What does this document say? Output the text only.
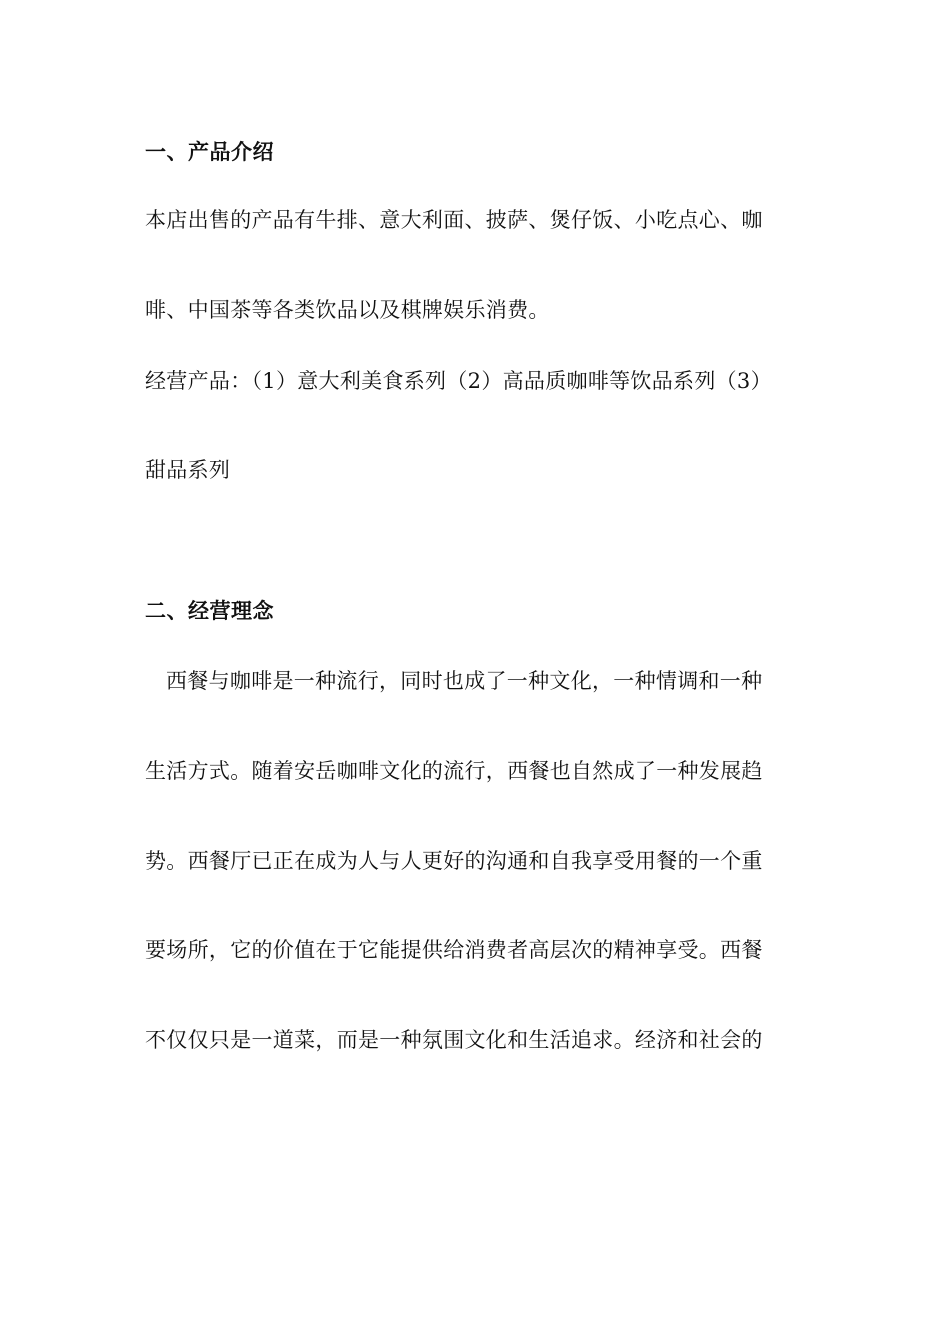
一、产品介绍
本店出售的产品有牛排、意大利面、披萨、煲仔饭、小吃点心、咖
啡、中国茶等各类饮品以及棋牌娱乐消费。
经营产品：（1）意大利美食系列（2）高品质咖啡等饮品系列（3）
甜品系列
二、经营理念
西餐与咖啡是一种流行，同时也成了一种文化，一种情调和一种
生活方式。随着安岳咖啡文化的流行，西餐也自然成了一种发展趋
势。西餐厅已正在成为人与人更好的沟通和自我享受用餐的一个重
要场所，它的价值在于它能提供给消费者高层次的精神享受。西餐
不仅仅只是一道菜，而是一种氛围文化和生活追求。经济和社会的
